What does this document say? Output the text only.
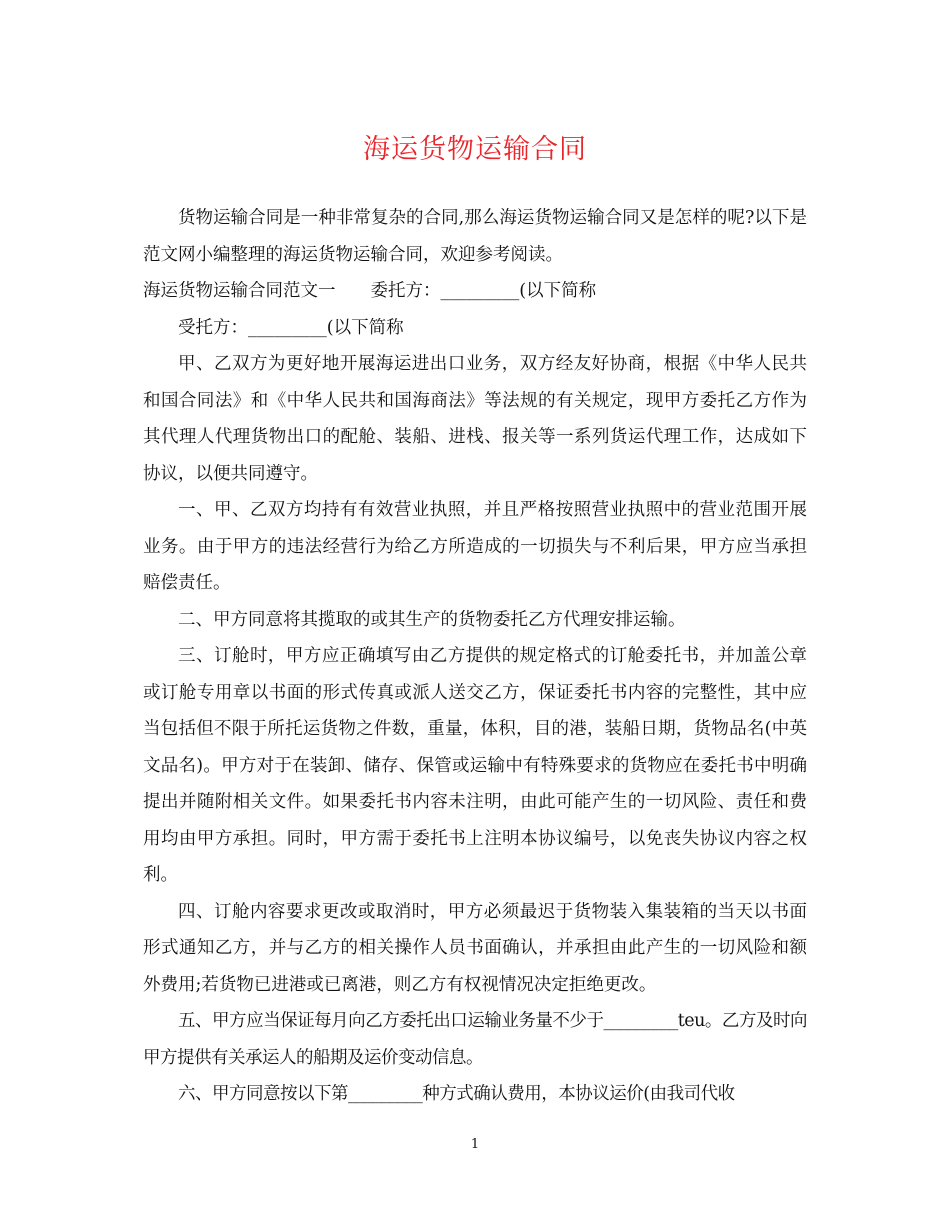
海运货物运输合同

货物运输合同是一种非常复杂的合同,那么海运货物运输合同又是怎样的呢?以下是范文网小编整理的海运货物运输合同，欢迎参考阅读。

海运货物运输合同范文一　　委托方：_________(以下简称

受托方：_________(以下简称

甲、乙双方为更好地开展海运进出口业务，双方经友好协商，根据《中华人民共和国合同法》和《中华人民共和国海商法》等法规的有关规定，现甲方委托乙方作为其代理人代理货物出口的配舱、装船、进栈、报关等一系列货运代理工作，达成如下协议，以便共同遵守。

一、甲、乙双方均持有有效营业执照，并且严格按照营业执照中的营业范围开展业务。由于甲方的违法经营行为给乙方所造成的一切损失与不利后果，甲方应当承担赔偿责任。

二、甲方同意将其揽取的或其生产的货物委托乙方代理安排运输。

三、订舱时，甲方应正确填写由乙方提供的规定格式的订舱委托书，并加盖公章或订舱专用章以书面的形式传真或派人送交乙方，保证委托书内容的完整性，其中应当包括但不限于所托运货物之件数，重量，体积，目的港，装船日期，货物品名(中英文品名)。甲方对于在装卸、储存、保管或运输中有特殊要求的货物应在委托书中明确提出并随附相关文件。如果委托书内容未注明，由此可能产生的一切风险、责任和费用均由甲方承担。同时，甲方需于委托书上注明本协议编号，以免丧失协议内容之权利。

四、订舱内容要求更改或取消时，甲方必须最迟于货物装入集装箱的当天以书面形式通知乙方，并与乙方的相关操作人员书面确认，并承担由此产生的一切风险和额外费用;若货物已进港或已离港，则乙方有权视情况决定拒绝更改。

五、甲方应当保证每月向乙方委托出口运输业务量不少于_________teu。乙方及时向甲方提供有关承运人的船期及运价变动信息。

六、甲方同意按以下第_________种方式确认费用，本协议运价(由我司代收

1
